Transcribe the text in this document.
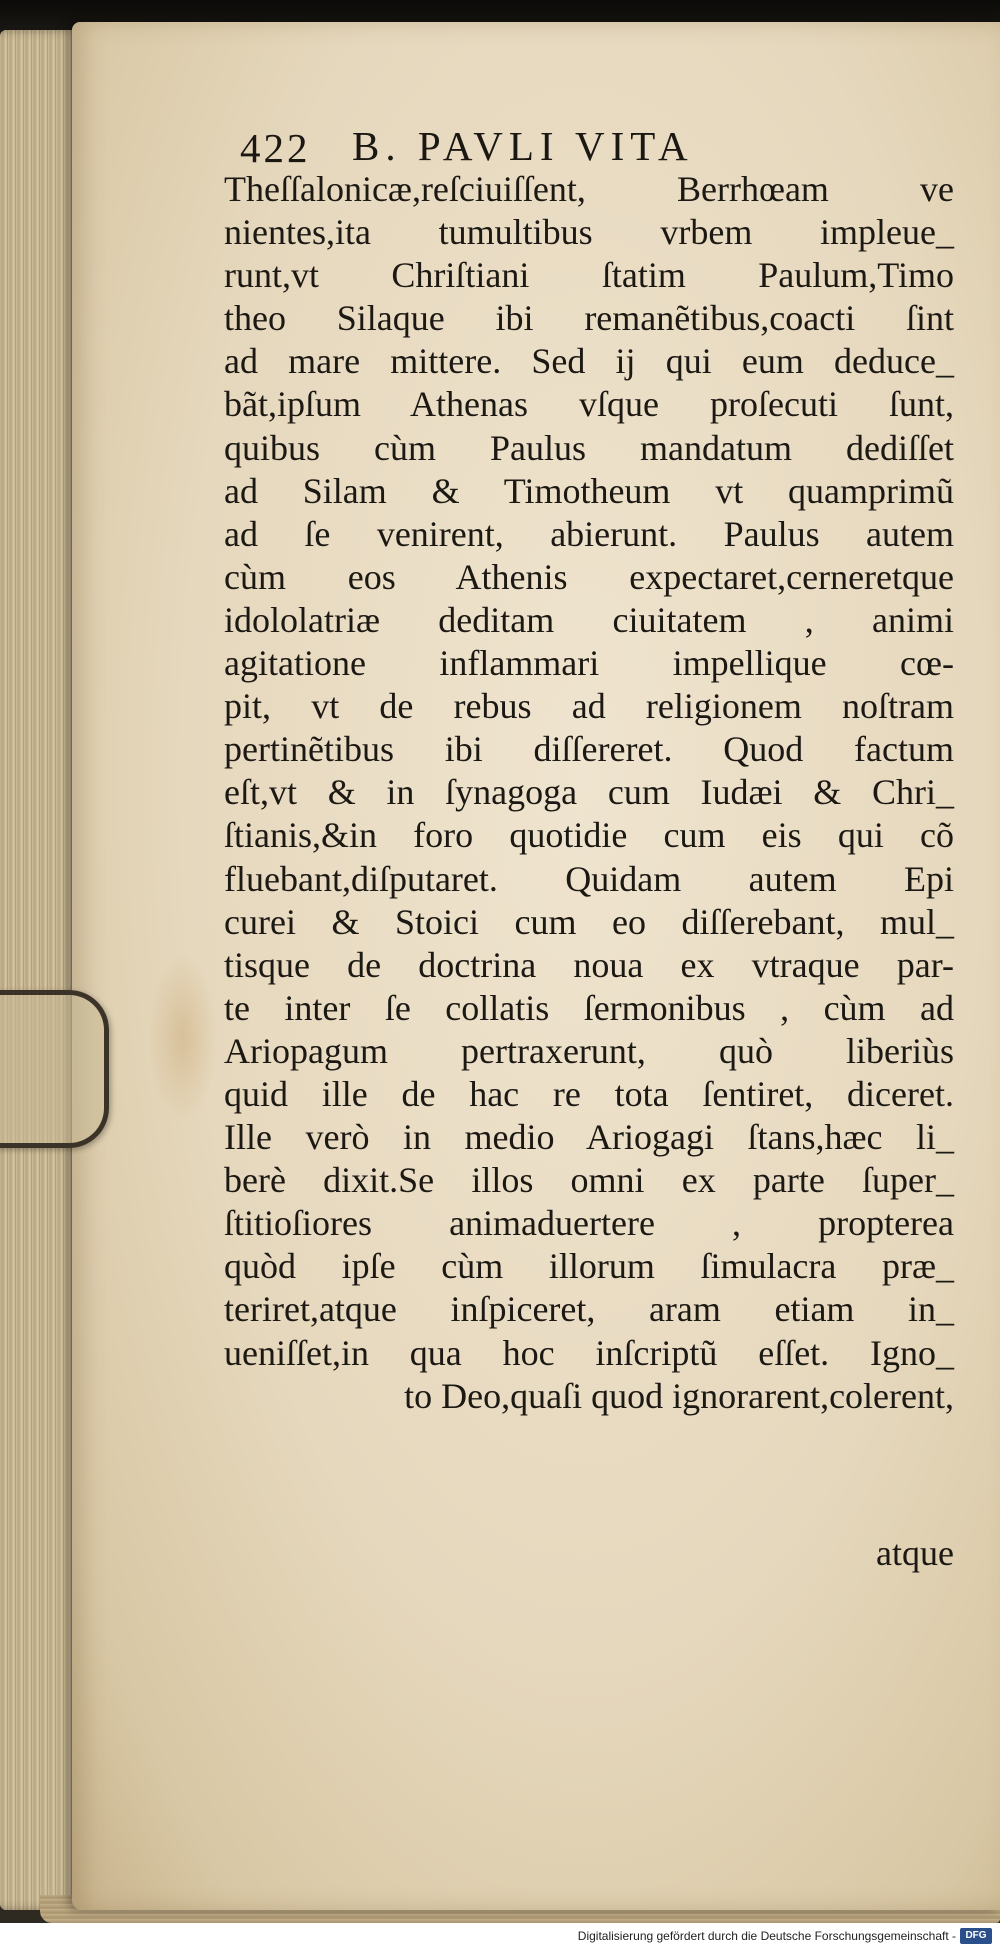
422 B. PAVLI VITA
Theſſalonicæ,reſciuiſſent, Berrhœam ve
nientes,ita tumultibus vrbem impleue_
runt,vt Chriſtiani ſtatim Paulum,Timo
theo Silaque ibi remanẽtibus,coacti ſint
ad mare mittere. Sed ij qui eum deduce_
bãt,ipſum Athenas vſque proſecuti ſunt,
quibus cùm Paulus mandatum dediſſet
ad Silam & Timotheum vt quamprimũ
ad ſe venirent, abierunt. Paulus autem
cùm eos Athenis expectaret,cerneretque
idololatriæ deditam ciuitatem , animi
agitatione inflammari impellique cœ-
pit, vt de rebus ad religionem noſtram
pertinẽtibus ibi diſſereret. Quod factum
eſt,vt & in ſynagoga cum Iudæi & Chri_
ſtianis,&in foro quotidie cum eis qui cõ
fluebant,diſputaret. Quidam autem Epi
curei & Stoici cum eo diſſerebant, mul_
tisque de doctrina noua ex vtraque par-
te inter ſe collatis ſermonibus , cùm ad
Ariopagum pertraxerunt, quò liberiùs
quid ille de hac re tota ſentiret, diceret.
Ille verò in medio Ariogagi ſtans,hæc li_
berè dixit.Se illos omni ex parte ſuper_
ſtitioſiores animaduertere , propterea
quòd ipſe cùm illorum ſimulacra præ_
teriret,atque inſpiceret, aram etiam in_
ueniſſet,in qua hoc inſcriptũ eſſet. Igno_
to Deo,quaſi quod ignorarent,colerent,
atque
Digitalisierung gefördert durch die Deutsche Forschungsgemeinschaft - DFG
